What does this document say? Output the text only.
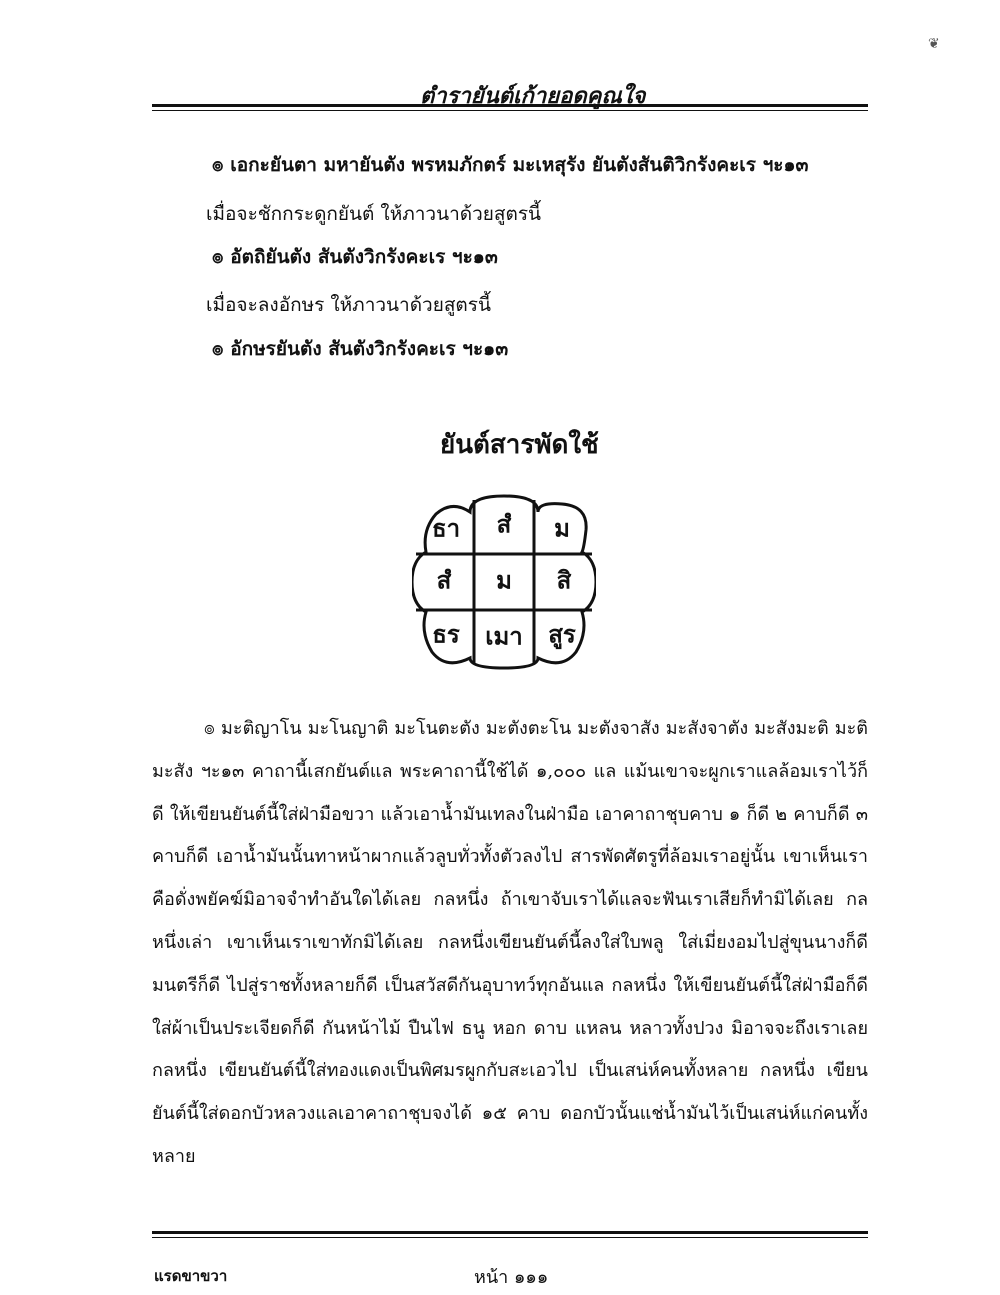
❦
ตำรายันต์เก้ายอดคูณใจ
๏ เอกะยันตา มหายันตัง พรหมภักตร์ มะเหสุรัง ยันตังสันติวิกรังคะเร ฯะ๑๓
เมื่อจะชักกระดูกยันต์ ให้ภาวนาด้วยสูตรนี้
๏ อัตถิยันตัง สันตังวิกรังคะเร ฯะ๑๓
เมื่อจะลงอักษร ให้ภาวนาด้วยสูตรนี้
๏ อักษรยันตัง สันตังวิกรังคะเร ฯะ๑๓
ยันต์สารพัดใช้
ธา สํ ม
สํ ม สิ
ธร เมา สูร
๏ มะติญาโน มะโนญาติ มะโนตะตัง มะตังตะโน มะตังจาสัง มะสังจาตัง มะสังมะติ มะติมะสัง ฯะ๑๓ คาถานี้เสกยันต์แล พระคาถานี้ใช้ได้ ๑,๐๐๐ แล แม้นเขาจะผูกเราแลล้อมเราไว้ก็ดี ให้เขียนยันต์นี้ใส่ฝ่ามือขวา แล้วเอาน้ำมันเทลงในฝ่ามือ เอาคาถาชุบคาบ ๑ ก็ดี ๒ คาบก็ดี ๓ คาบก็ดี เอาน้ำมันนั้นทาหน้าผากแล้วลูบทั่วทั้งตัวลงไป สารพัดศัตรูที่ล้อมเราอยู่นั้น เขาเห็นเราคือดั่งพยัคฆ์มิอาจจำทำอันใดได้เลย กลหนึ่ง ถ้าเขาจับเราได้แลจะฟันเราเสียก็ทำมิได้เลย กลหนึ่งเล่า เขาเห็นเราเขาทักมิได้เลย กลหนึ่งเขียนยันต์นี้ลงใส่ใบพลู ใส่เมี่ยงอมไปสู่ขุนนางก็ดี มนตรีก็ดี ไปสู่ราชทั้งหลายก็ดี เป็นสวัสดีกันอุบาทว์ทุกอันแล กลหนึ่ง ให้เขียนยันต์นี้ใส่ฝ่ามือก็ดี ใส่ผ้าเป็นประเจียดก็ดี กันหน้าไม้ ปืนไฟ ธนู หอก ดาบ แหลน หลาวทั้งปวง มิอาจจะถึงเราเลย กลหนึ่ง เขียนยันต์นี้ใส่ทองแดงเป็นพิศมรผูกกับสะเอวไป เป็นเสน่ห์คนทั้งหลาย กลหนึ่ง เขียนยันต์นี้ใส่ดอกบัวหลวงแลเอาคาถาชุบจงได้ ๑๕ คาบ ดอกบัวนั้นแช่น้ำมันไว้เป็นเสน่ห์แก่คนทั้งหลาย
แรดขาขวา	หน้า ๑๑๑
